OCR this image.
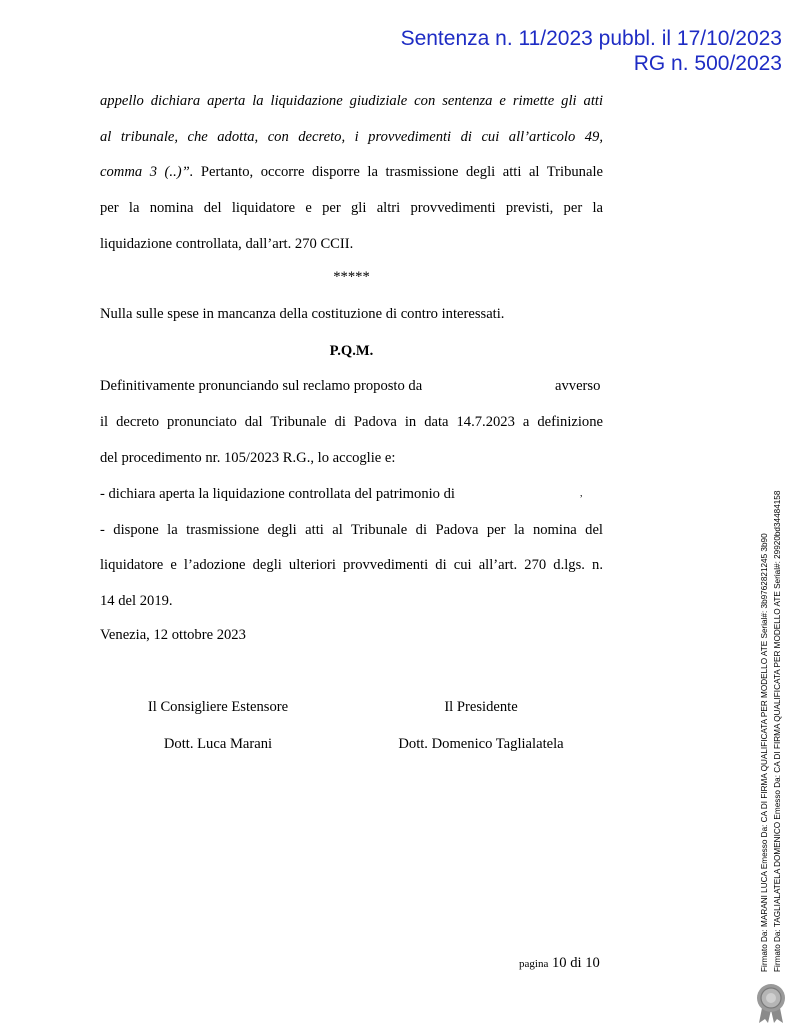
Sentenza n. 11/2023 pubbl. il 17/10/2023
RG n. 500/2023
appello dichiara aperta la liquidazione giudiziale con sentenza e rimette gli atti
al tribunale, che adotta, con decreto, i provvedimenti di cui all’articolo 49,
comma 3 (..)”. Pertanto, occorre disporre la trasmissione degli atti al Tribunale
per la nomina del liquidatore e per gli altri provvedimenti previsti, per la
liquidazione controllata, dall’art. 270 CCII.
*****
Nulla sulle spese in mancanza della costituzione di contro interessati.
P.Q.M.
Definitivamente pronunciando sul reclamo proposto da	avverso
il decreto pronunciato dal Tribunale di Padova in data 14.7.2023 a definizione
del procedimento nr. 105/2023 R.G., lo accoglie e:
- dichiara aperta la liquidazione controllata del patrimonio di	,
- dispone la trasmissione degli atti al Tribunale di Padova per la nomina del
liquidatore e l’adozione degli ulteriori provvedimenti di cui all’art. 270 d.lgs. n.
14 del 2019.
Venezia, 12 ottobre 2023
Il Consigliere Estensore
Dott. Luca Marani
Il Presidente
Dott. Domenico Taglialatela
pagina 10 di 10	Firmato Da: MARANI LUCA Emesso Da: CA DI FIRMA QUALIFICATA PER MODELLO ATE Serial#: 3b9762821245 3b90 Firmato Da: TAGLIALATELA DOMENICO Emesso Da: CA DI FIRMA QUALIFICATA PER MODELLO ATE Serial#: 29920bd34484158
